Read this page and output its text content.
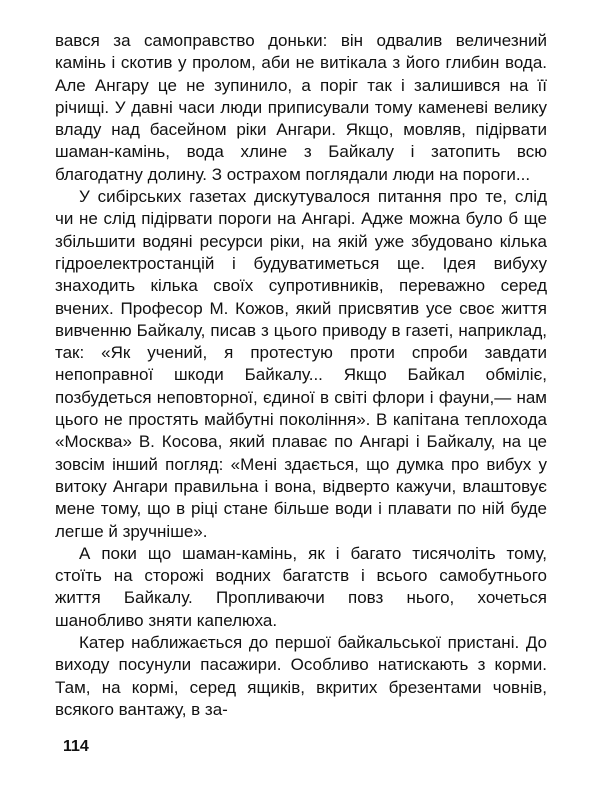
вався за самоправство доньки: він одвалив величезний камінь і скотив у пролом, аби не витікала з його глибин вода. Але Ангару це не зупинило, а поріг так і залишився на її річищі. У давні часи люди приписували тому каменеві велику владу над басейном ріки Ангари. Якщо, мовляв, підірвати шаман-камінь, вода хлине з Байкалу і затопить всю благодатну долину. З острахом поглядали люди на пороги...

У сибірських газетах дискутувалося питання про те, слід чи не слід підірвати пороги на Ангарі. Адже можна було б ще збільшити водяні ресурси ріки, на якій уже збудовано кілька гідроелектростанцій і будуватиметься ще. Ідея вибуху знаходить кілька своїх супротивників, переважно серед вчених. Професор М. Кожов, який присвятив усе своє життя вивченню Байкалу, писав з цього приводу в газеті, наприклад, так: «Як учений, я протестую проти спроби завдати непоправної шкоди Байкалу... Якщо Байкал обміліє, позбудеться неповторної, єдиної в світі флори і фауни,— нам цього не простять майбутні покоління». В капітана теплохода «Москва» В. Косова, який плаває по Ангарі і Байкалу, на це зовсім інший погляд: «Мені здається, що думка про вибух у витоку Ангари правильна і вона, відверто кажучи, влаштовує мене тому, що в ріці стане більше води і плавати по ній буде легше й зручніше».

А поки що шаман-камінь, як і багато тисячоліть тому, стоїть на сторожі водних багатств і всього самобутнього життя Байкалу. Пропливаючи повз нього, хочеться шанобливо зняти капелюха.

Катер наближається до першої байкальської пристані. До виходу посунули пасажири. Особливо натискають з корми. Там, на кормі, серед ящиків, вкритих брезентами човнів, всякого вантажу, в за-

114
